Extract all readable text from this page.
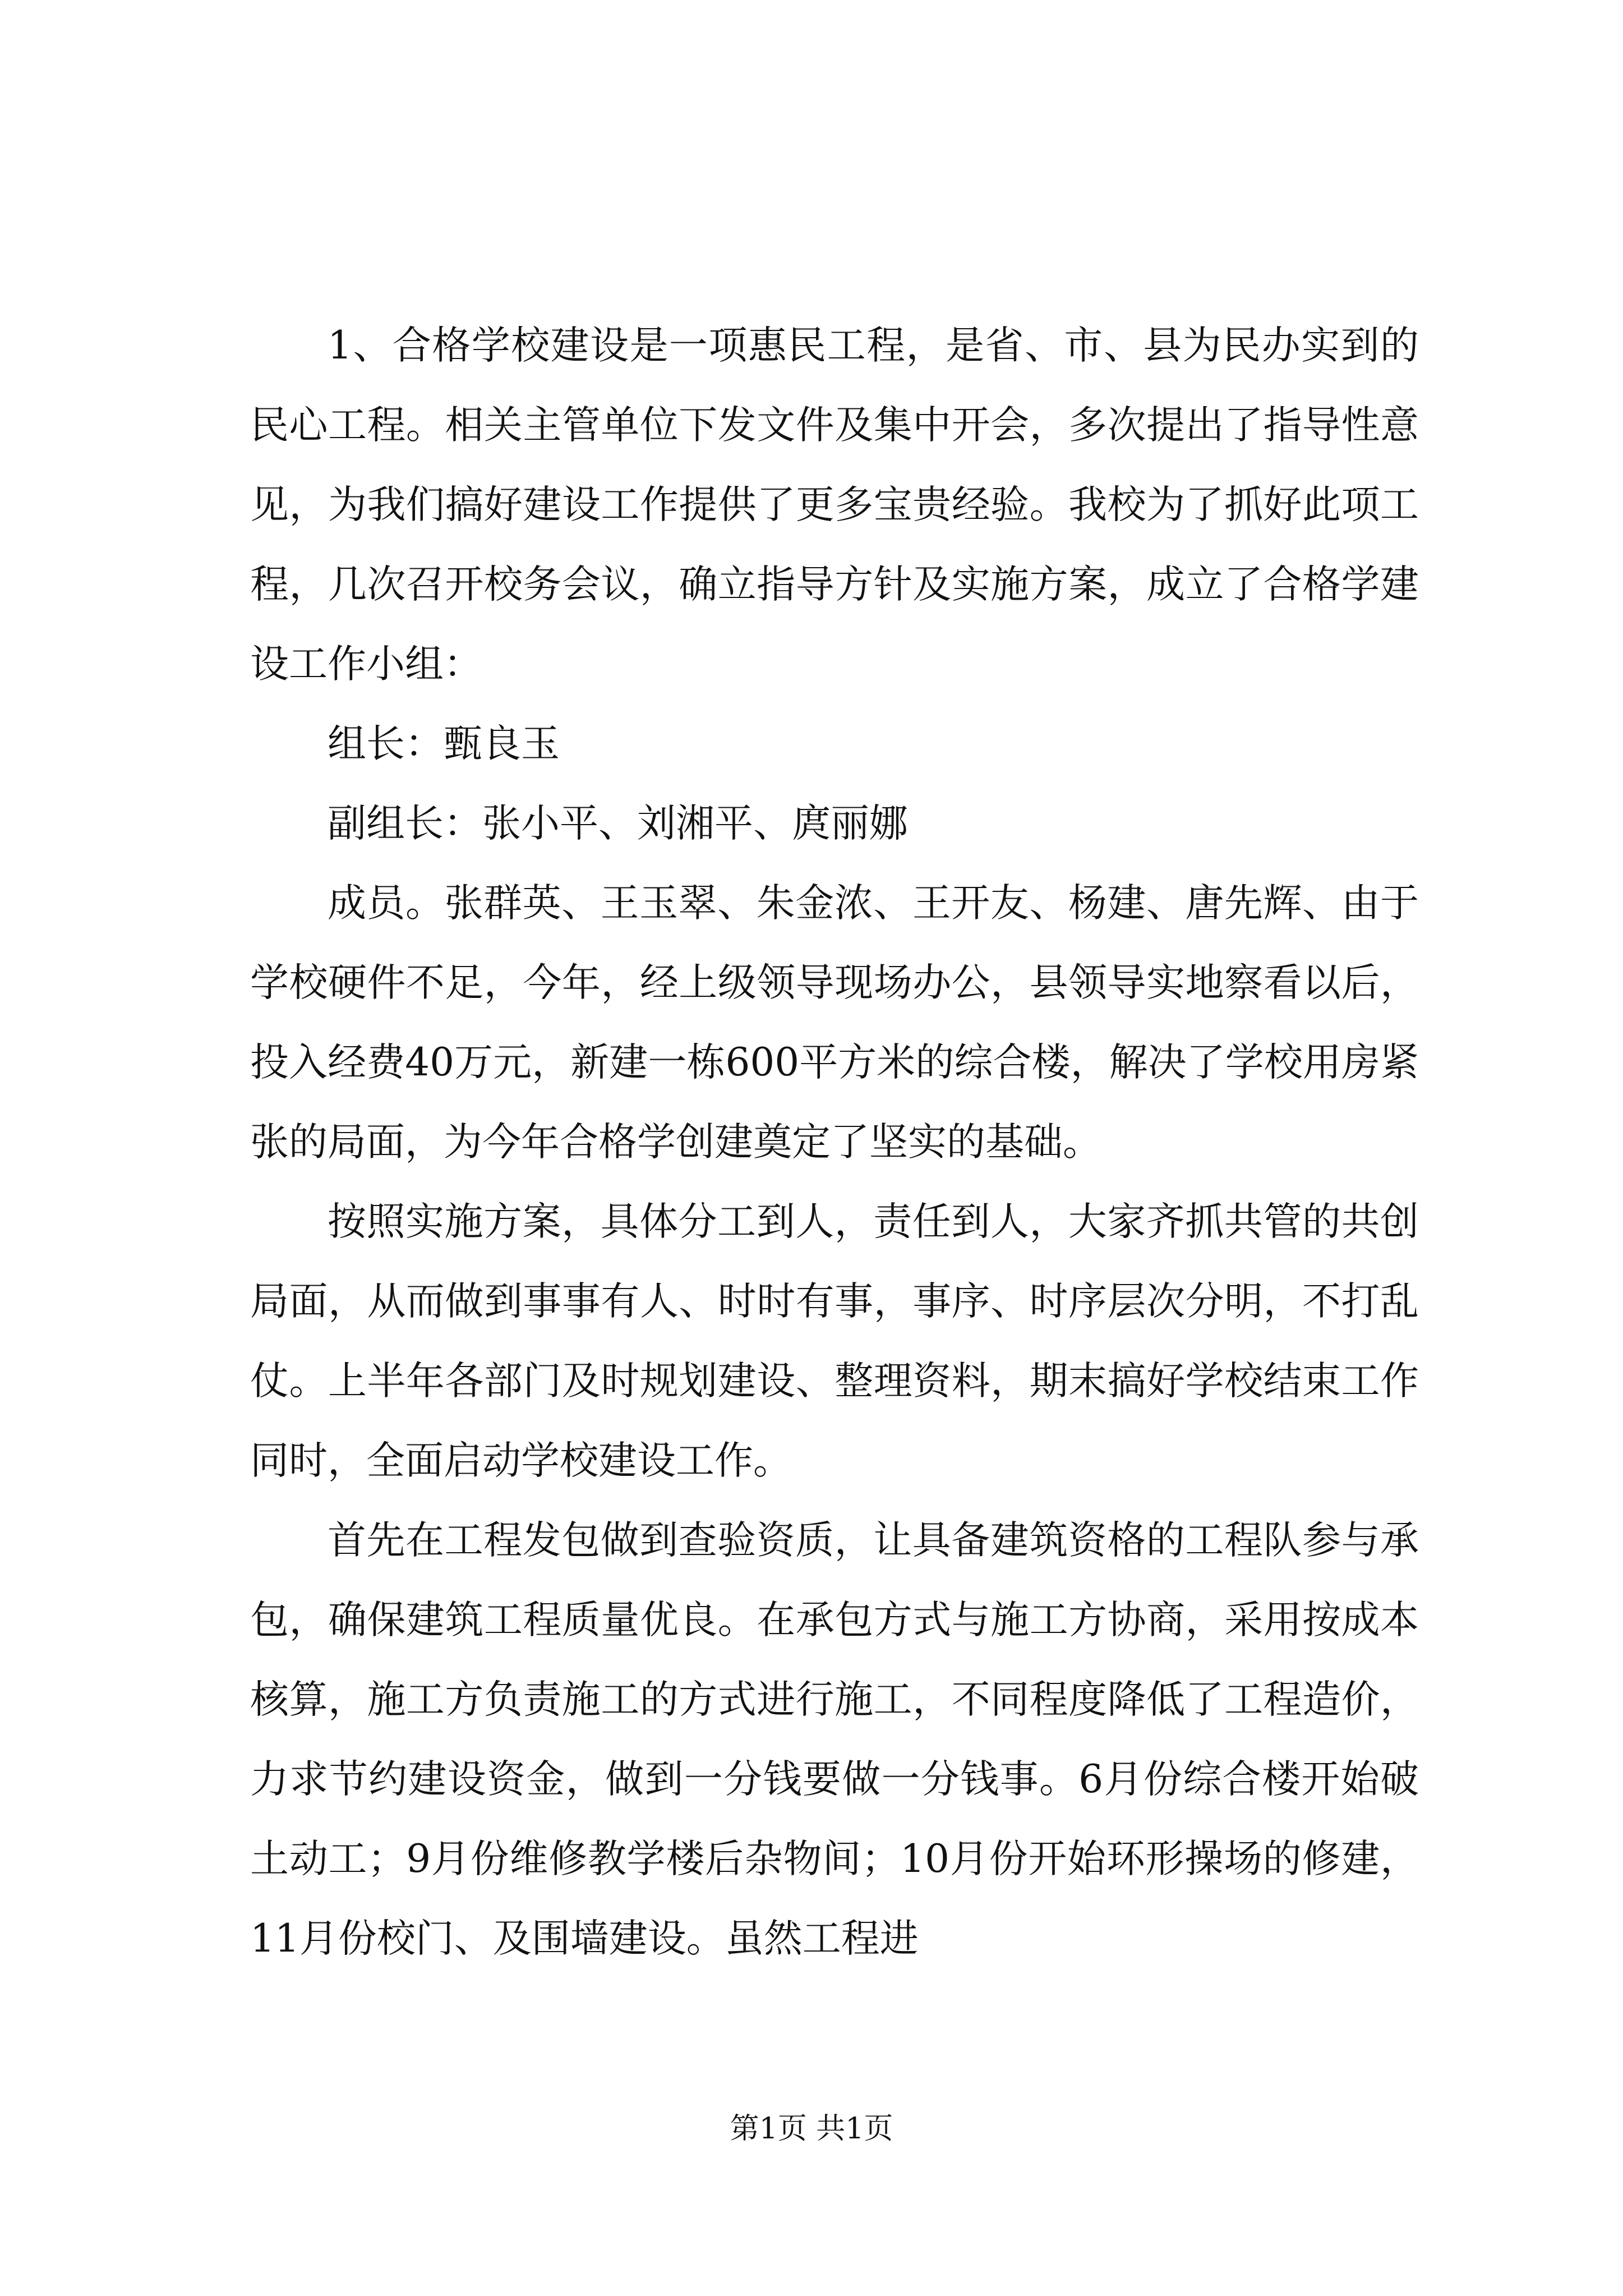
1、合格学校建设是一项惠民工程，是省、市、县为民办实到的民心工程。相关主管单位下发文件及集中开会，多次提出了指导性意见，为我们搞好建设工作提供了更多宝贵经验。我校为了抓好此项工程，几次召开校务会议，确立指导方针及实施方案，成立了合格学建设工作小组：

组长：甄良玉

副组长：张小平、刘湘平、庹丽娜

成员。张群英、王玉翠、朱金浓、王开友、杨建、唐先辉、由于学校硬件不足，今年，经上级领导现场办公，县领导实地察看以后，投入经费40万元，新建一栋600平方米的综合楼，解决了学校用房紧张的局面，为今年合格学创建奠定了坚实的基础。

按照实施方案，具体分工到人，责任到人，大家齐抓共管的共创局面，从而做到事事有人、时时有事，事序、时序层次分明，不打乱仗。上半年各部门及时规划建设、整理资料，期末搞好学校结束工作同时，全面启动学校建设工作。

首先在工程发包做到查验资质，让具备建筑资格的工程队参与承包，确保建筑工程质量优良。在承包方式与施工方协商，采用按成本核算，施工方负责施工的方式进行施工，不同程度降低了工程造价，力求节约建设资金，做到一分钱要做一分钱事。6月份综合楼开始破土动工；9月份维修教学楼后杂物间；10月份开始环形操场的修建，11月份校门、及围墙建设。虽然工程进

第1页 共1页
